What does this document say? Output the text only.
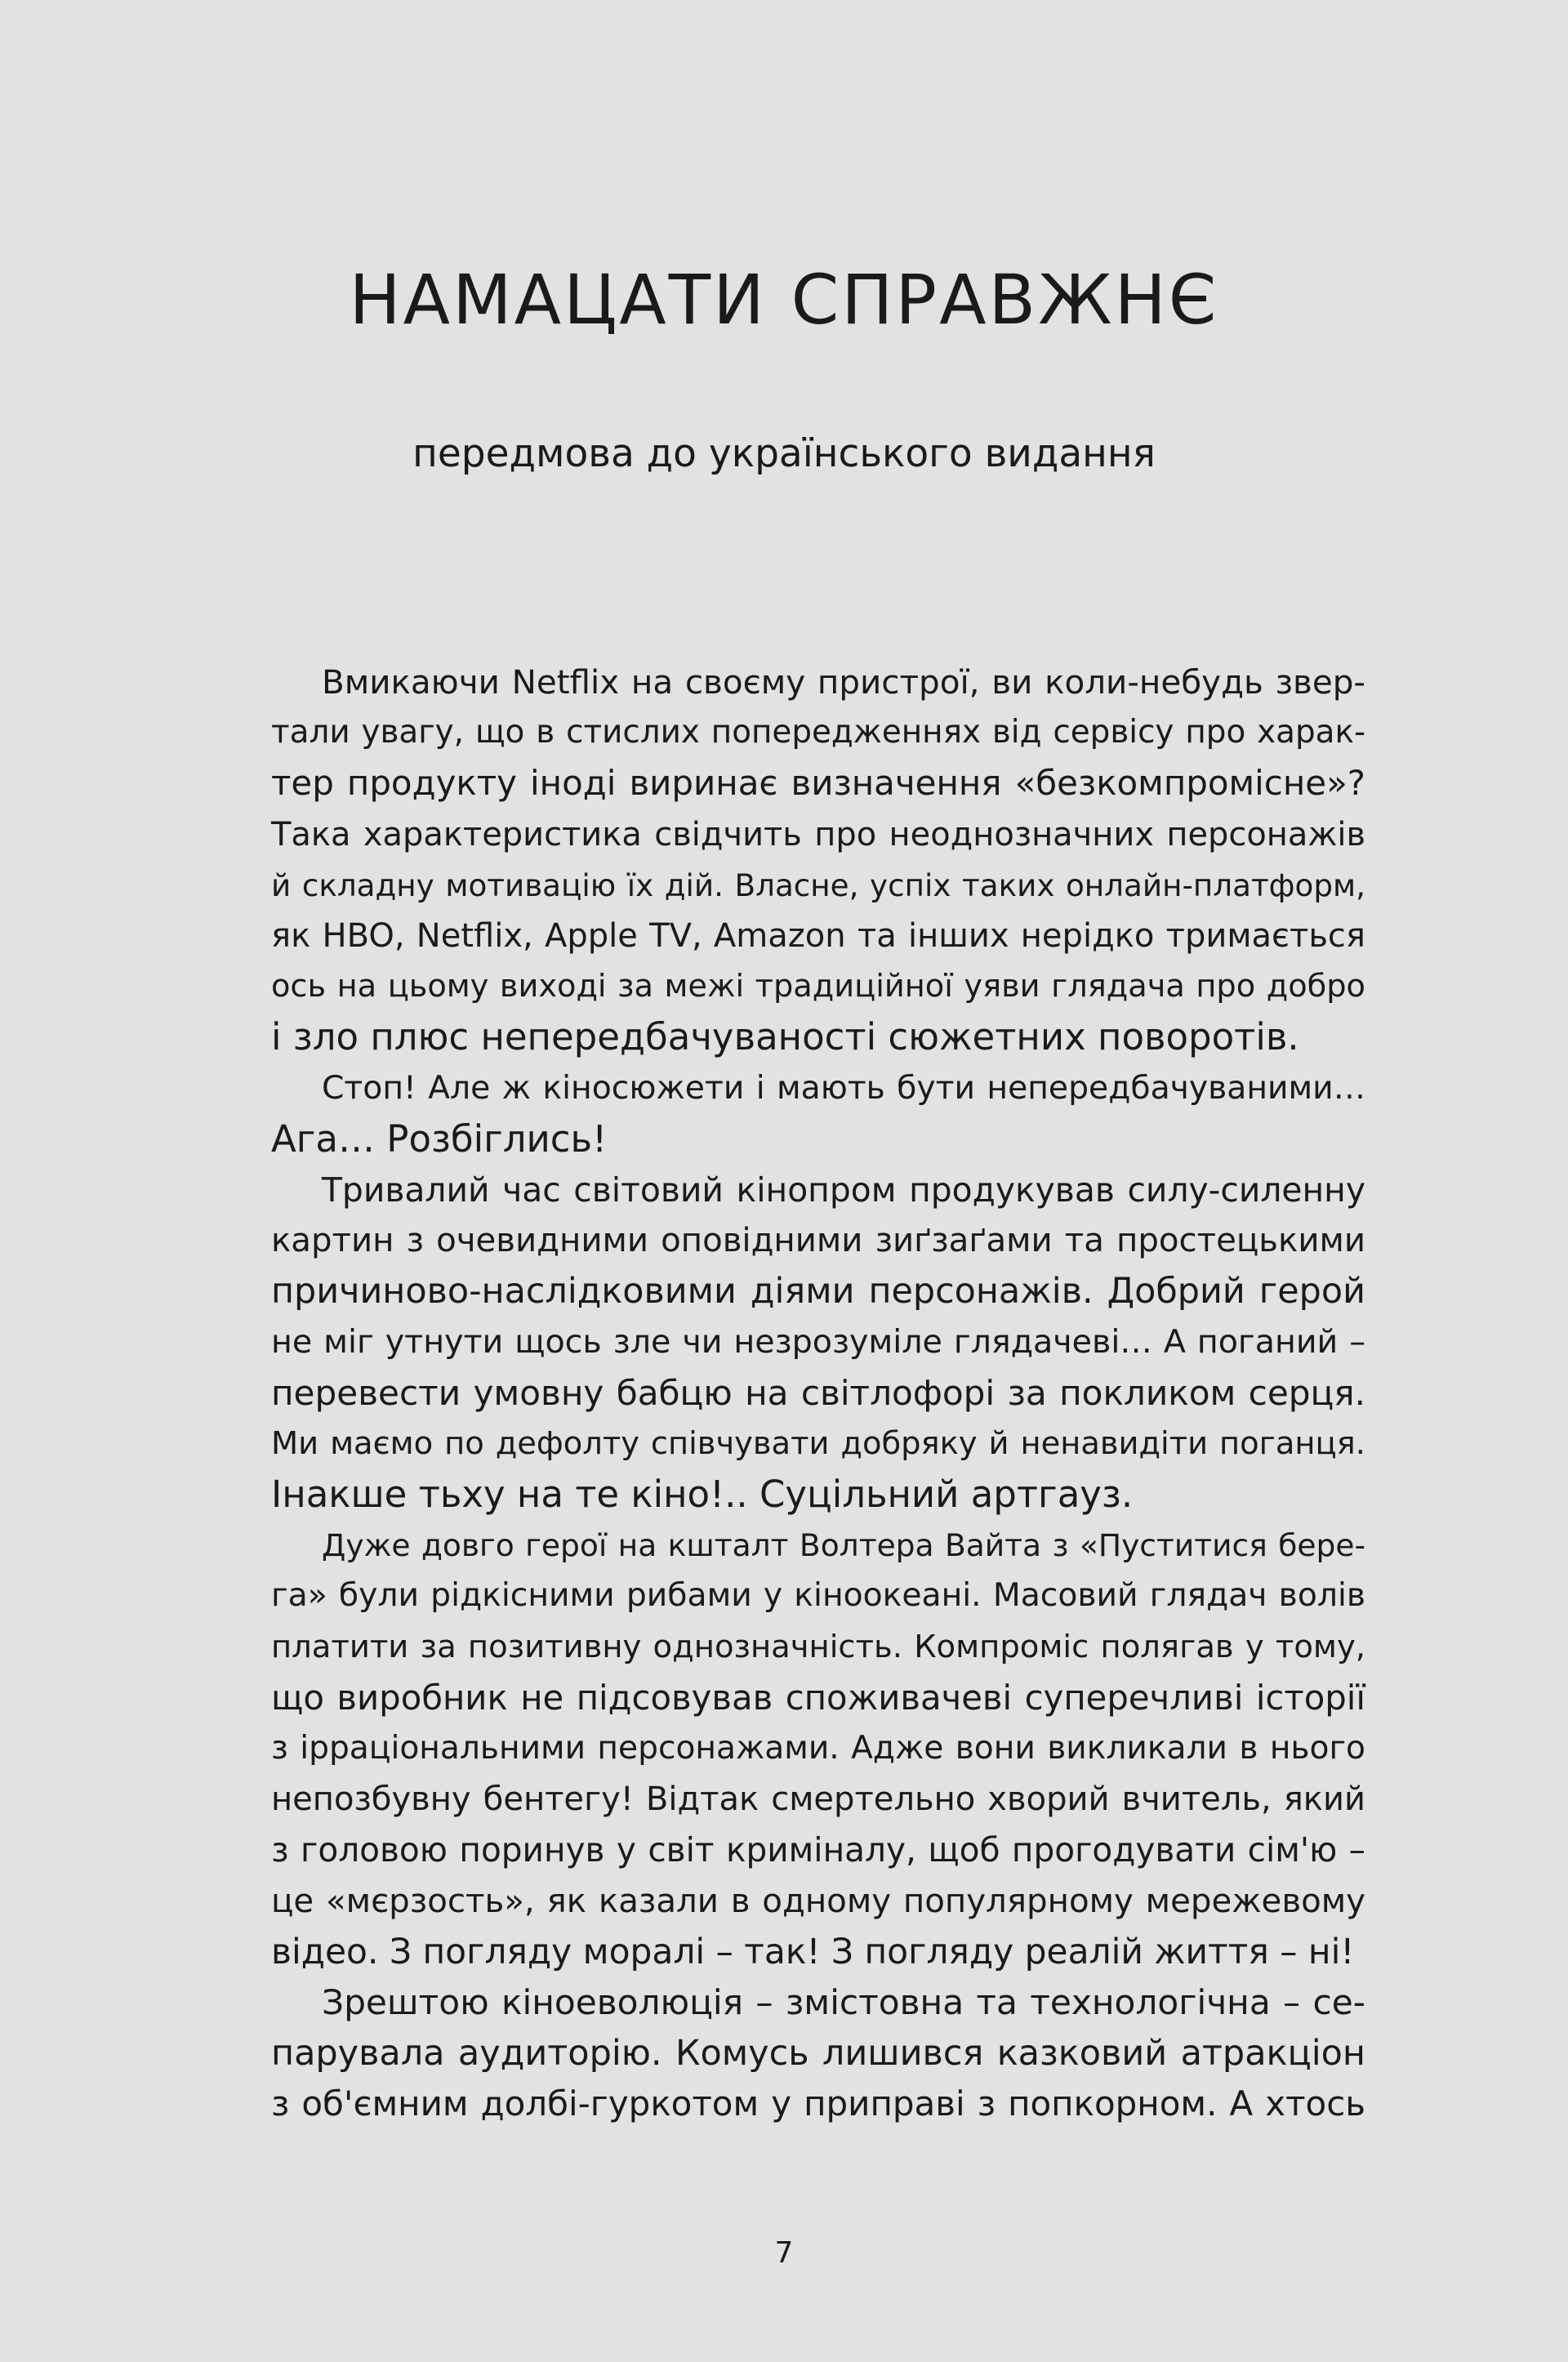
НАМАЦАТИ СПРАВЖНЄ
передмова до українського видання
Вмикаючи Netflix на своєму пристрої, ви коли-небудь звер-
тали увагу, що в стислих попередженнях від сервісу про харак-
тер продукту іноді виринає визначення «безкомпромісне»?
Така характеристика свідчить про неоднозначних персонажів
й складну мотивацію їх дій. Власне, успіх таких онлайн-платформ,
як HBO, Netflix, Apple TV, Amazon та інших нерідко тримається
ось на цьому виході за межі традиційної уяви глядача про добро
і зло плюс непередбачуваності сюжетних поворотів.
Стоп! Але ж кіносюжети і мають бути непередбачуваними…
Ага… Розбіглись!
Тривалий час світовий кінопром продукував силу-силенну
картин з очевидними оповідними зиґзаґами та простецькими
причиново-наслідковими діями персонажів. Добрий герой
не міг утнути щось зле чи незрозуміле глядачеві… А поганий –
перевести умовну бабцю на світлофорі за покликом серця.
Ми маємо по дефолту співчувати добряку й ненавидіти поганця.
Інакше тьху на те кіно!.. Суцільний артгауз.
Дуже довго герої на кшталт Волтера Вайта з «Пуститися бере-
га» були рідкісними рибами у кіноокеані. Масовий глядач волів
платити за позитивну однозначність. Компроміс полягав у тому,
що виробник не підсовував споживачеві суперечливі історії
з ірраціональними персонажами. Адже вони викликали в нього
непозбувну бентегу! Відтак смертельно хворий вчитель, який
з головою поринув у світ криміналу, щоб прогодувати сім'ю –
це «мєрзость», як казали в одному популярному мережевому
відео. З погляду моралі – так! З погляду реалій життя – ні!
Зрештою кіноеволюція – змістовна та технологічна – се-
парувала аудиторію. Комусь лишився казковий атракціон
з об'ємним долбі-гуркотом у приправі з попкорном. А хтось
7
